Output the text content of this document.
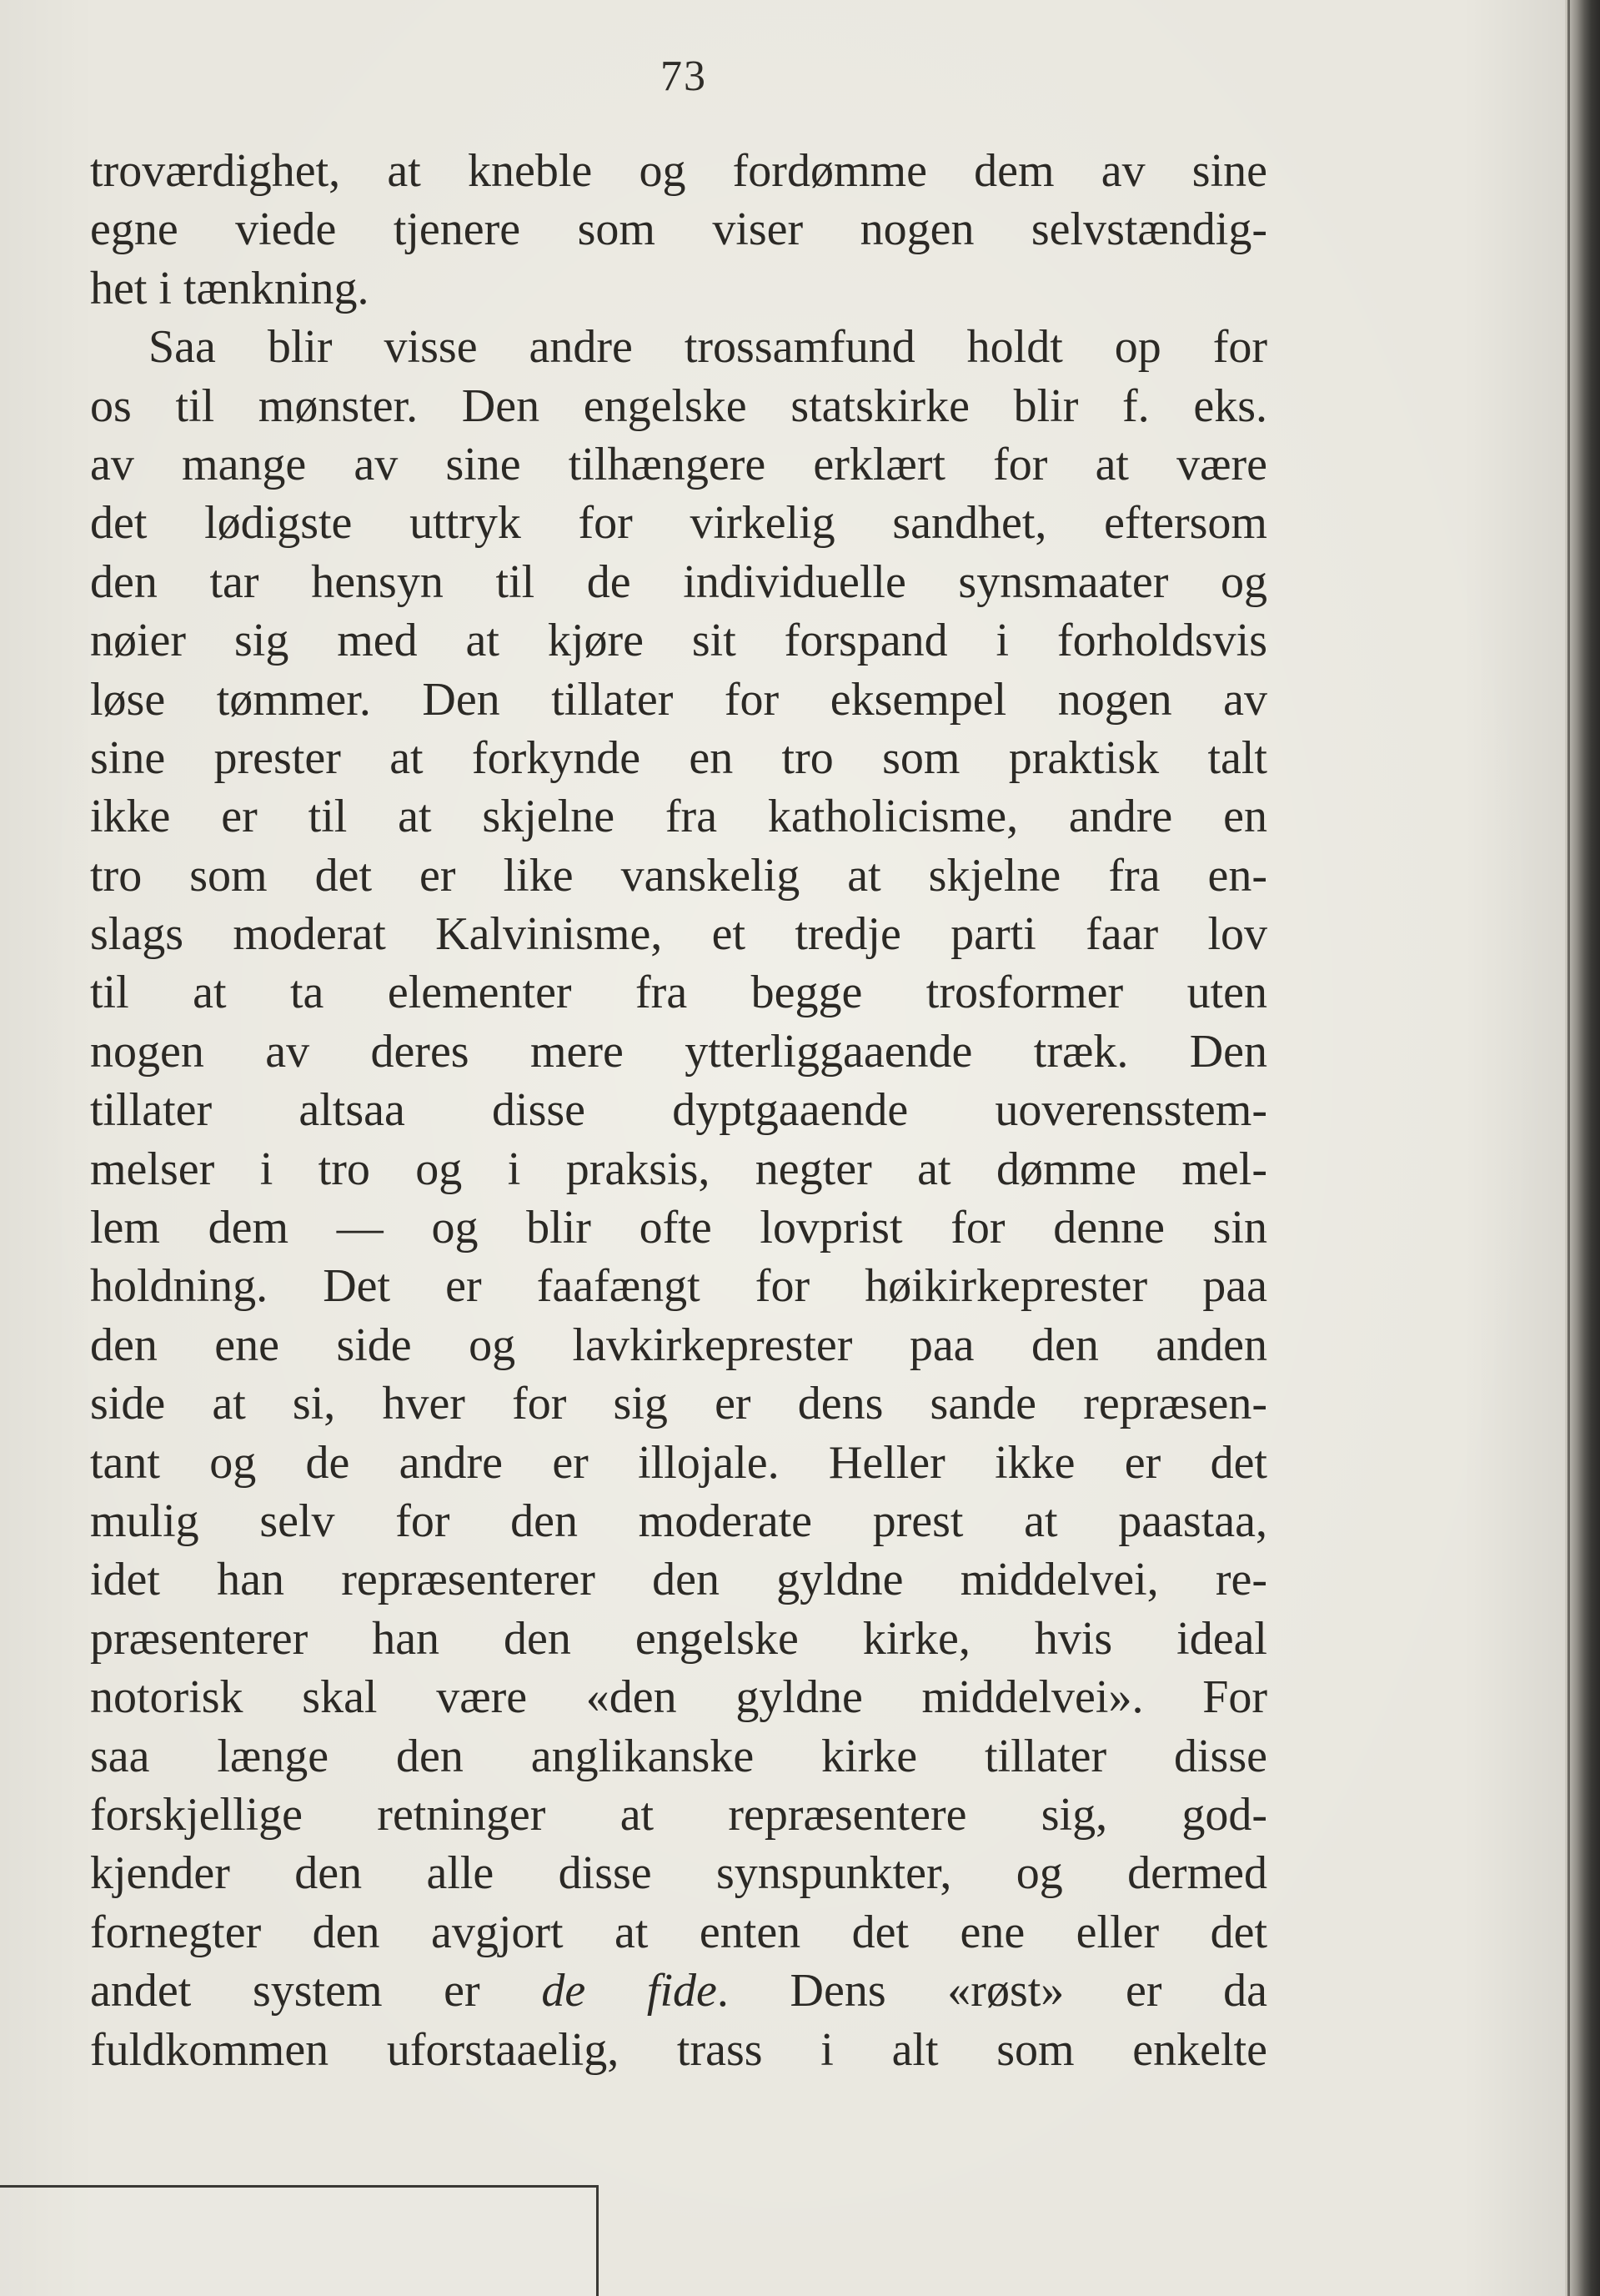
73
troværdighet, at kneble og fordømme dem av sine
egne viede tjenere som viser nogen selvstændig-
het i tænkning.
Saa blir visse andre trossamfund holdt op for
os til mønster. Den engelske statskirke blir f. eks.
av mange av sine tilhængere erklært for at være
det lødigste uttryk for virkelig sandhet, eftersom
den tar hensyn til de individuelle synsmaater og
nøier sig med at kjøre sit forspand i forholdsvis
løse tømmer. Den tillater for eksempel nogen av
sine prester at forkynde en tro som praktisk talt
ikke er til at skjelne fra katholicisme, andre en
tro som det er like vanskelig at skjelne fra en-
slags moderat Kalvinisme, et tredje parti faar lov
til at ta elementer fra begge trosformer uten
nogen av deres mere ytterliggaaende træk. Den
tillater altsaa disse dyptgaaende uoverensstem-
melser i tro og i praksis, negter at dømme mel-
lem dem — og blir ofte lovprist for denne sin
holdning. Det er faafængt for høikirkeprester paa
den ene side og lavkirkeprester paa den anden
side at si, hver for sig er dens sande repræsen-
tant og de andre er illojale. Heller ikke er det
mulig selv for den moderate prest at paastaa,
idet han repræsenterer den gyldne middelvei, re-
præsenterer han den engelske kirke, hvis ideal
notorisk skal være «den gyldne middelvei». For
saa længe den anglikanske kirke tillater disse
forskjellige retninger at repræsentere sig, god-
kjender den alle disse synspunkter, og dermed
fornegter den avgjort at enten det ene eller det
andet system er de fide. Dens «røst» er da
fuldkommen uforstaaelig, trass i alt som enkelte
